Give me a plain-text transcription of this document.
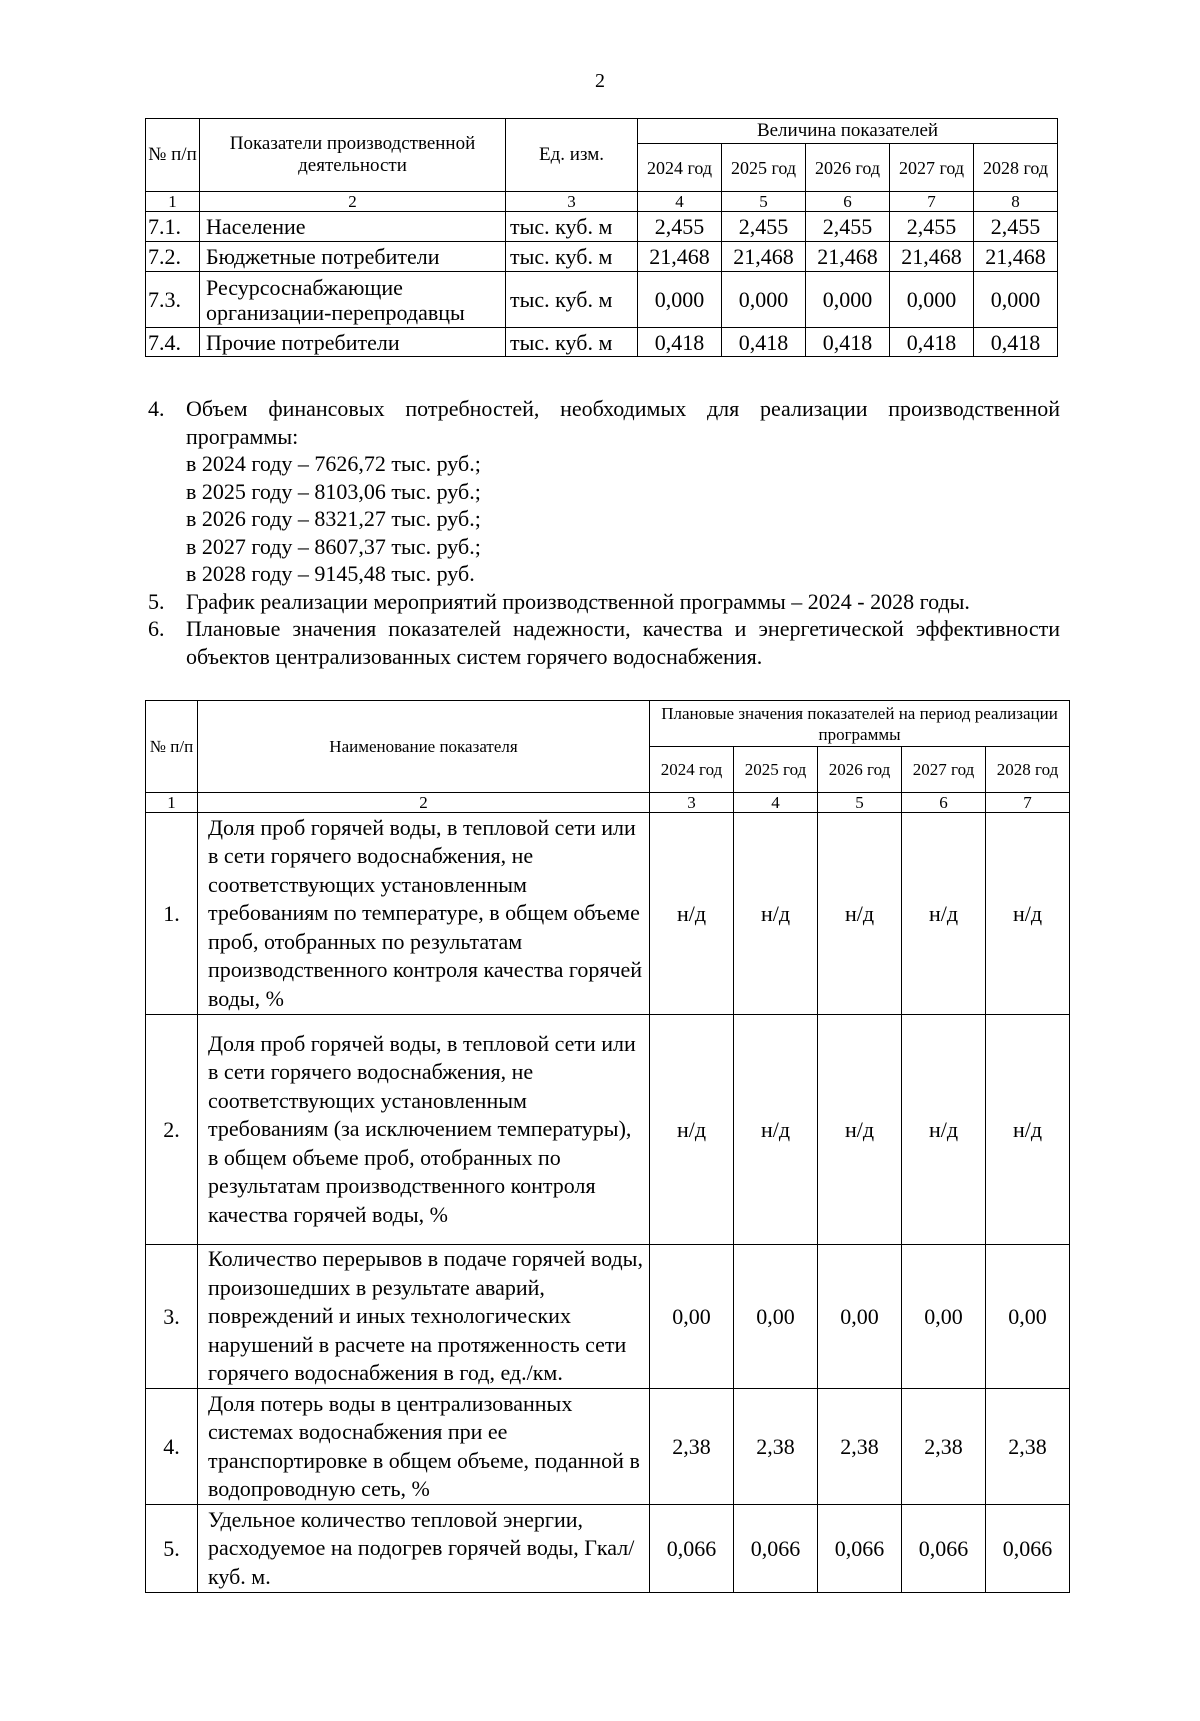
2
№ п/п	Показатели производственной деятельности	Ед. изм.	Величина показателей				
			2024 год	2025 год	2026 год	2027 год	2028 год
1	2	3	4	5	6	7	8
7.1.	Население	тыс. куб. м	2,455	2,455	2,455	2,455	2,455
7.2.	Бюджетные потребители	тыс. куб. м	21,468	21,468	21,468	21,468	21,468
7.3.	Ресурсоснабжающие организации-перепродавцы	тыс. куб. м	0,000	0,000	0,000	0,000	0,000
7.4.	Прочие потребители	тыс. куб. м	0,418	0,418	0,418	0,418	0,418
4. Объем финансовых потребностей, необходимых для реализации производственной программы:
в 2024 году – 7626,72 тыс. руб.;
в 2025 году – 8103,06 тыс. руб.;
в 2026 году – 8321,27 тыс. руб.;
в 2027 году – 8607,37 тыс. руб.;
в 2028 году – 9145,48 тыс. руб.
5. График реализации мероприятий производственной программы – 2024 - 2028 годы.
6. Плановые значения показателей надежности, качества и энергетической эффективности объектов централизованных систем горячего водоснабжения.
№ п/п	Наименование показателя	Плановые значения показателей на период реализации программы				
		2024 год	2025 год	2026 год	2027 год	2028 год
1	2	3	4	5	6	7
1.	Доля проб горячей воды, в тепловой сети или в сети горячего водоснабжения, не соответствующих установленным требованиям по температуре, в общем объеме проб, отобранных по результатам производственного контроля качества горячей воды, %	н/д	н/д	н/д	н/д	н/д
2.	Доля проб горячей воды, в тепловой сети или в сети горячего водоснабжения, не соответствующих установленным требованиям (за исключением температуры), в общем объеме проб, отобранных по результатам производственного контроля качества горячей воды, %	н/д	н/д	н/д	н/д	н/д
3.	Количество перерывов в подаче горячей воды, произошедших в результате аварий, повреждений и иных технологических нарушений в расчете на протяженность сети горячего водоснабжения в год, ед./км.	0,00	0,00	0,00	0,00	0,00
4.	Доля потерь воды в централизованных системах водоснабжения при ее транспортировке в общем объеме, поданной в водопроводную сеть, %	2,38	2,38	2,38	2,38	2,38
5.	Удельное количество тепловой энергии, расходуемое на подогрев горячей воды, Гкал/куб. м.	0,066	0,066	0,066	0,066	0,066
